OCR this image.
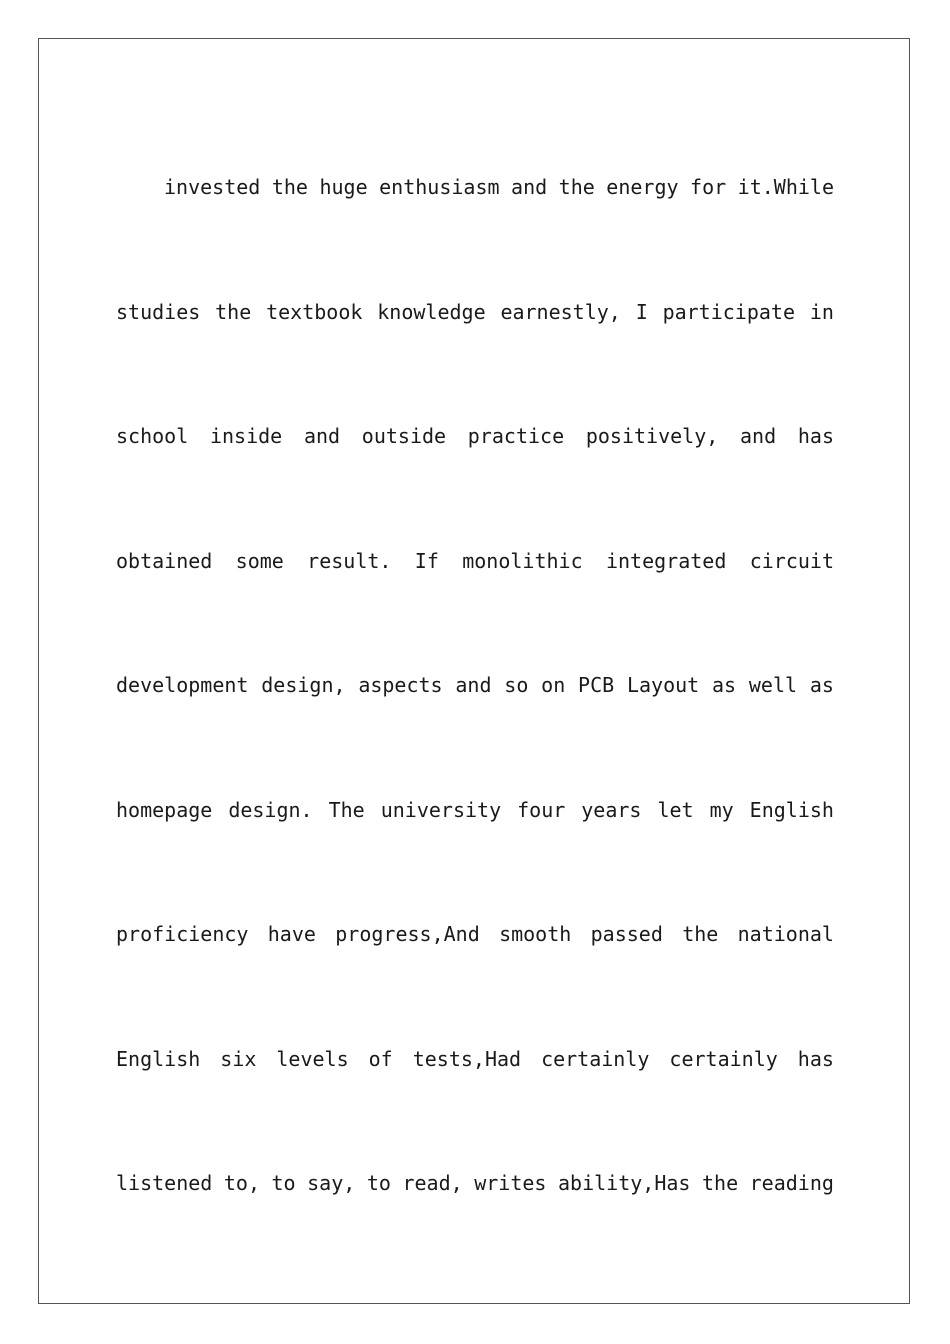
invested the huge enthusiasm and the energy for it.While
studies the textbook knowledge earnestly, I participate in
school inside and outside practice positively, and has
obtained some result. If monolithic integrated circuit
development design, aspects and so on PCB Layout as well as
homepage design. The university four years let my English
proficiency have progress,And smooth passed the national
English six levels of tests,Had certainly certainly has
listened to, to say, to read, writes ability,Has the reading
